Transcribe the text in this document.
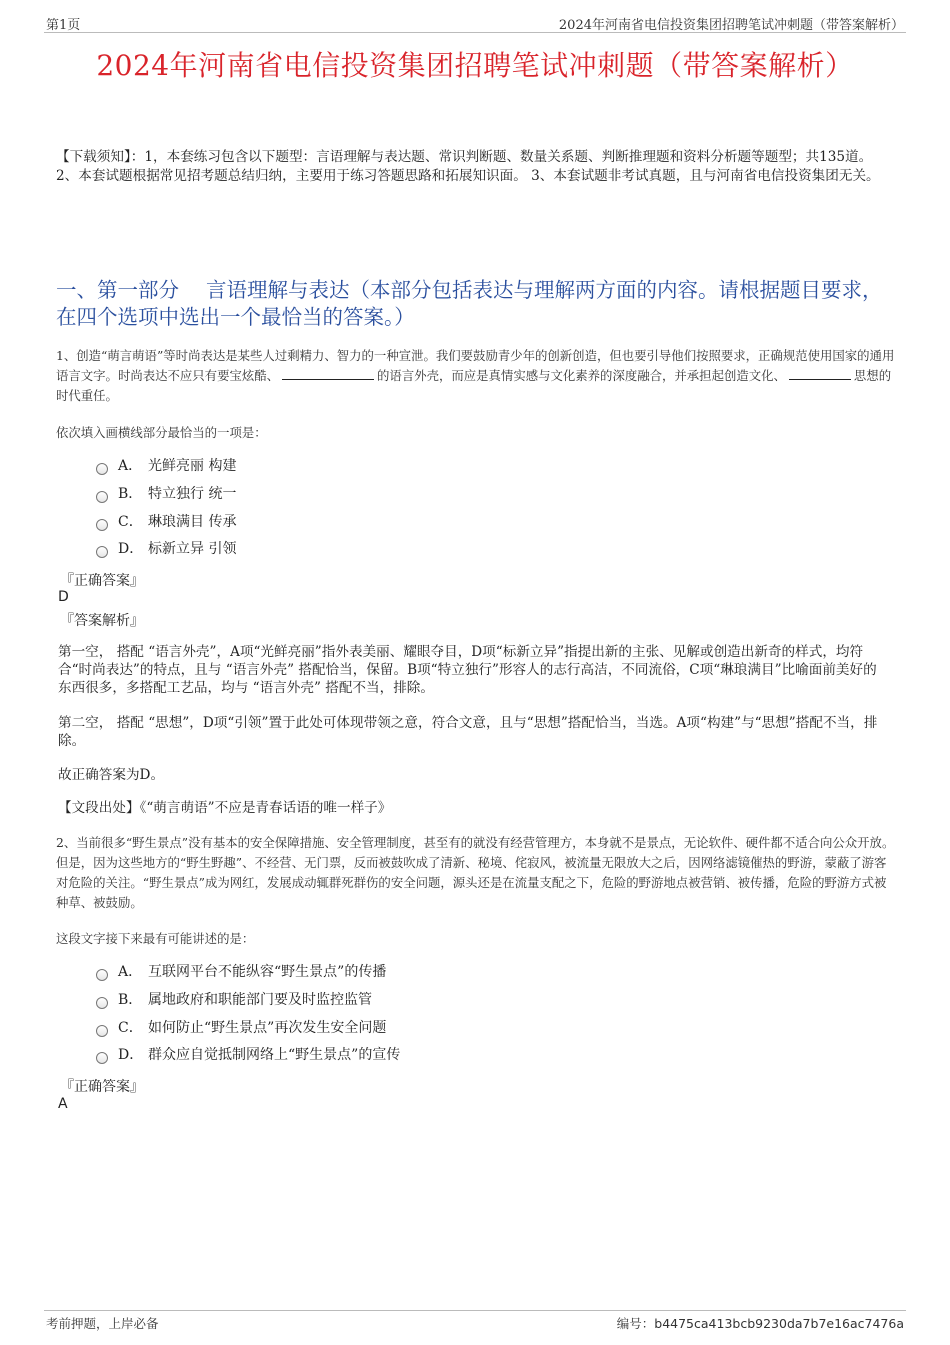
第1页	2024年河南省电信投资集团招聘笔试冲刺题（带答案解析）
2024年河南省电信投资集团招聘笔试冲刺题（带答案解析）
【下载须知】：1，本套练习包含以下题型：言语理解与表达题、常识判断题、数量关系题、判断推理题和资料分析题等题型；共135道。 2、本套试题根据常见招考题总结归纳，主要用于练习答题思路和拓展知识面。 3、本套试题非考试真题，且与河南省电信投资集团无关。
一、第一部分　 言语理解与表达（本部分包括表达与理解两方面的内容。请根据题目要求，在四个选项中选出一个最恰当的答案。）
1、创造“萌言萌语”等时尚表达是某些人过剩精力、智力的一种宣泄。我们要鼓励青少年的创新创造，但也要引导他们按照要求，正确规范使用国家的通用语言文字。时尚表达不应只有要宝炫酷、	的语言外壳，而应是真情实感与文化素养的深度融合，并承担起创造文化、	思想的时代重任。
依次填入画横线部分最恰当的一项是：
A． 光鲜亮丽 构建
B． 特立独行 统一
C． 琳琅满目 传承
D． 标新立异 引领
『正确答案』
D
『答案解析』
第一空， 搭配 “语言外壳”，A项“光鲜亮丽”指外表美丽、耀眼夺目，D项“标新立异”指提出新的主张、见解或创造出新奇的样式，均符合“时尚表达”的特点，且与 “语言外壳” 搭配恰当，保留。B项“特立独行”形容人的志行高洁，不同流俗，C项“琳琅满目”比喻面前美好的东西很多，多搭配工艺品，均与 “语言外壳” 搭配不当，排除。
第二空， 搭配 “思想”，D项“引领”置于此处可体现带领之意，符合文意，且与“思想”搭配恰当，当选。A项“构建”与“思想”搭配不当，排除。
故正确答案为D。
【文段出处】《“萌言萌语”不应是青春话语的唯一样子》
2、当前很多“野生景点”没有基本的安全保障措施、安全管理制度，甚至有的就没有经营管理方，本身就不是景点，无论软件、硬件都不适合向公众开放。但是，因为这些地方的“野生野趣”、不经营、无门票，反而被鼓吹成了清新、秘境、侘寂风，被流量无限放大之后，因网络滤镜催热的野游，蒙蔽了游客对危险的关注。“野生景点”成为网红，发展成动辄群死群伤的安全问题，源头还是在流量支配之下，危险的野游地点被营销、被传播，危险的野游方式被种草、被鼓励。
这段文字接下来最有可能讲述的是：
A． 互联网平台不能纵容“野生景点”的传播
B． 属地政府和职能部门要及时监控监管
C． 如何防止“野生景点”再次发生安全问题
D． 群众应自觉抵制网络上“野生景点”的宣传
『正确答案』
A
考前押题，上岸必备	编号：b4475ca413bcb9230da7b7e16ac7476a
